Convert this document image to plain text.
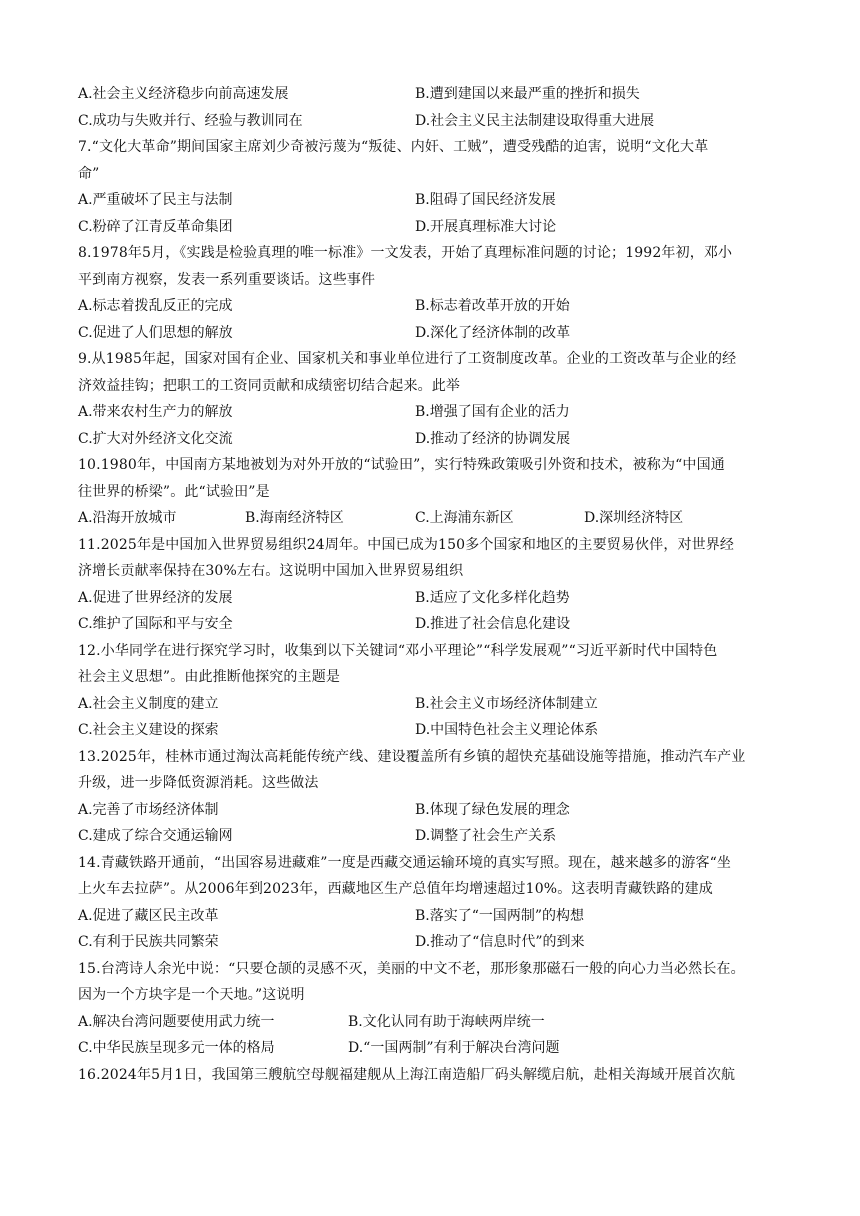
A.社会主义经济稳步向前高速发展	B.遭到建国以来最严重的挫折和损失
C.成功与失败并行、经验与教训同在	D.社会主义民主法制建设取得重大进展
7.“文化大革命”期间国家主席刘少奇被污蔑为“叛徒、内奸、工贼”，遭受残酷的迫害，说明“文化大革
命”
A.严重破坏了民主与法制	B.阻碍了国民经济发展
C.粉碎了江青反革命集团	D.开展真理标准大讨论
8.1978年5月，《实践是检验真理的唯一标准》一文发表，开始了真理标准问题的讨论；1992年初，邓小
平到南方视察，发表一系列重要谈话。这些事件
A.标志着拨乱反正的完成	B.标志着改革开放的开始
C.促进了人们思想的解放	D.深化了经济体制的改革
9.从1985年起，国家对国有企业、国家机关和事业单位进行了工资制度改革。企业的工资改革与企业的经
济效益挂钩；把职工的工资同贡献和成绩密切结合起来。此举
A.带来农村生产力的解放	B.增强了国有企业的活力
C.扩大对外经济文化交流	D.推动了经济的协调发展
10.1980年，中国南方某地被划为对外开放的“试验田”，实行特殊政策吸引外资和技术，被称为“中国通
往世界的桥梁”。此“试验田”是
A.沿海开放城市	B.海南经济特区	C.上海浦东新区	D.深圳经济特区
11.2025年是中国加入世界贸易组织24周年。中国已成为150多个国家和地区的主要贸易伙伴，对世界经
济增长贡献率保持在30%左右。这说明中国加入世界贸易组织
A.促进了世界经济的发展	B.适应了文化多样化趋势
C.维护了国际和平与安全	D.推进了社会信息化建设
12.小华同学在进行探究学习时，收集到以下关键词“邓小平理论”“科学发展观”“习近平新时代中国特色
社会主义思想”。由此推断他探究的主题是
A.社会主义制度的建立	B.社会主义市场经济体制建立
C.社会主义建设的探索	D.中国特色社会主义理论体系
13.2025年，桂林市通过淘汰高耗能传统产线、建设覆盖所有乡镇的超快充基础设施等措施，推动汽车产业
升级，进一步降低资源消耗。这些做法
A.完善了市场经济体制	B.体现了绿色发展的理念
C.建成了综合交通运输网	D.调整了社会生产关系
14.青藏铁路开通前，“出国容易进藏难”一度是西藏交通运输环境的真实写照。现在，越来越多的游客“坐
上火车去拉萨”。从2006年到2023年，西藏地区生产总值年均增速超过10%。这表明青藏铁路的建成
A.促进了藏区民主改革	B.落实了“一国两制”的构想
C.有利于民族共同繁荣	D.推动了“信息时代”的到来
15.台湾诗人余光中说：“只要仓颉的灵感不灭，美丽的中文不老，那形象那磁石一般的向心力当必然长在。
因为一个方块字是一个天地。”这说明
A.解决台湾问题要使用武力统一	B.文化认同有助于海峡两岸统一
C.中华民族呈现多元一体的格局	D.“一国两制”有利于解决台湾问题
16.2024年5月1日，我国第三艘航空母舰福建舰从上海江南造船厂码头解缆启航，赴相关海域开展首次航
